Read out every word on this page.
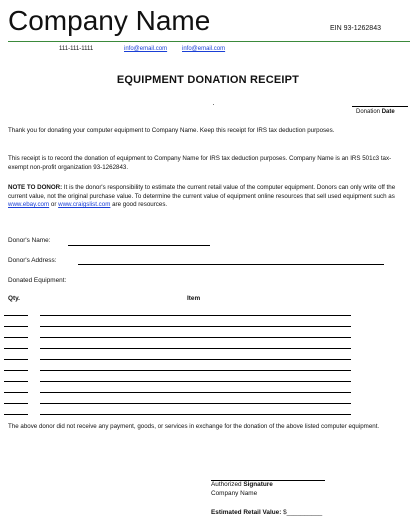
Company Name	EIN 93-1262843
111-111-1111	info@email.com info@email.com
EQUIPMENT DONATION RECEIPT
Donation Date
Thank you for donating your computer equipment to Company Name. Keep this receipt for IRS tax deduction purposes.
This receipt is to record the donation of equipment to Company Name for IRS tax deduction purposes. Company Name is an IRS 501c3 tax-exempt non-profit organization 93-1262843.
NOTE TO DONOR: It is the donor's responsibility to estimate the current retail value of the computer equipment. Donors can only write off the current value, not the original purchase value. To determine the current value of equipment online resources that sell used equipment such as www.ebay.com or www.craigslist.com are good resources.
Donor's Name:
Donor's Address:
Donated Equipment:
Qty.	Item
The above donor did not receive any payment, goods, or services in exchange for the donation of the above listed computer equipment.
Authorized Signature
Company Name
Estimated Retail Value: $__________
